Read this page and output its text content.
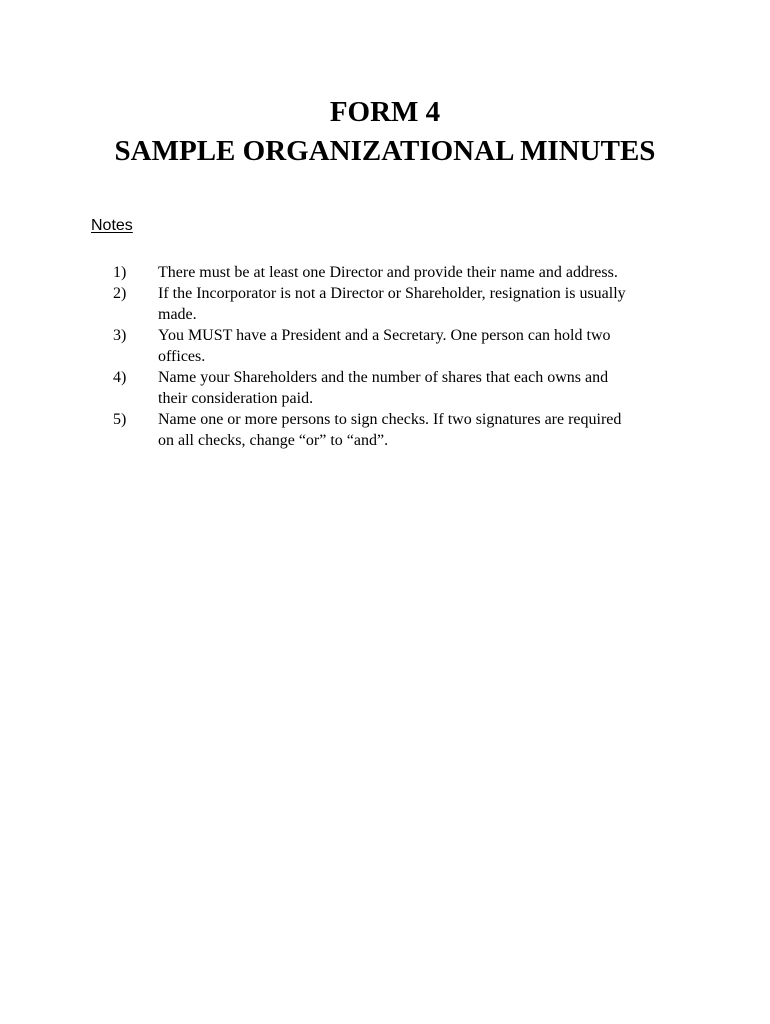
FORM 4
SAMPLE ORGANIZATIONAL MINUTES
Notes
1)	There must be at least one Director and provide their name and address.
2)	If the Incorporator is not a Director or Shareholder, resignation is usually
made.
3)	You MUST have a President and a Secretary. One person can hold two
offices.
4)	Name your Shareholders and the number of shares that each owns and
their consideration paid.
5)	Name one or more persons to sign checks. If two signatures are required
on all checks, change “or” to “and”.
